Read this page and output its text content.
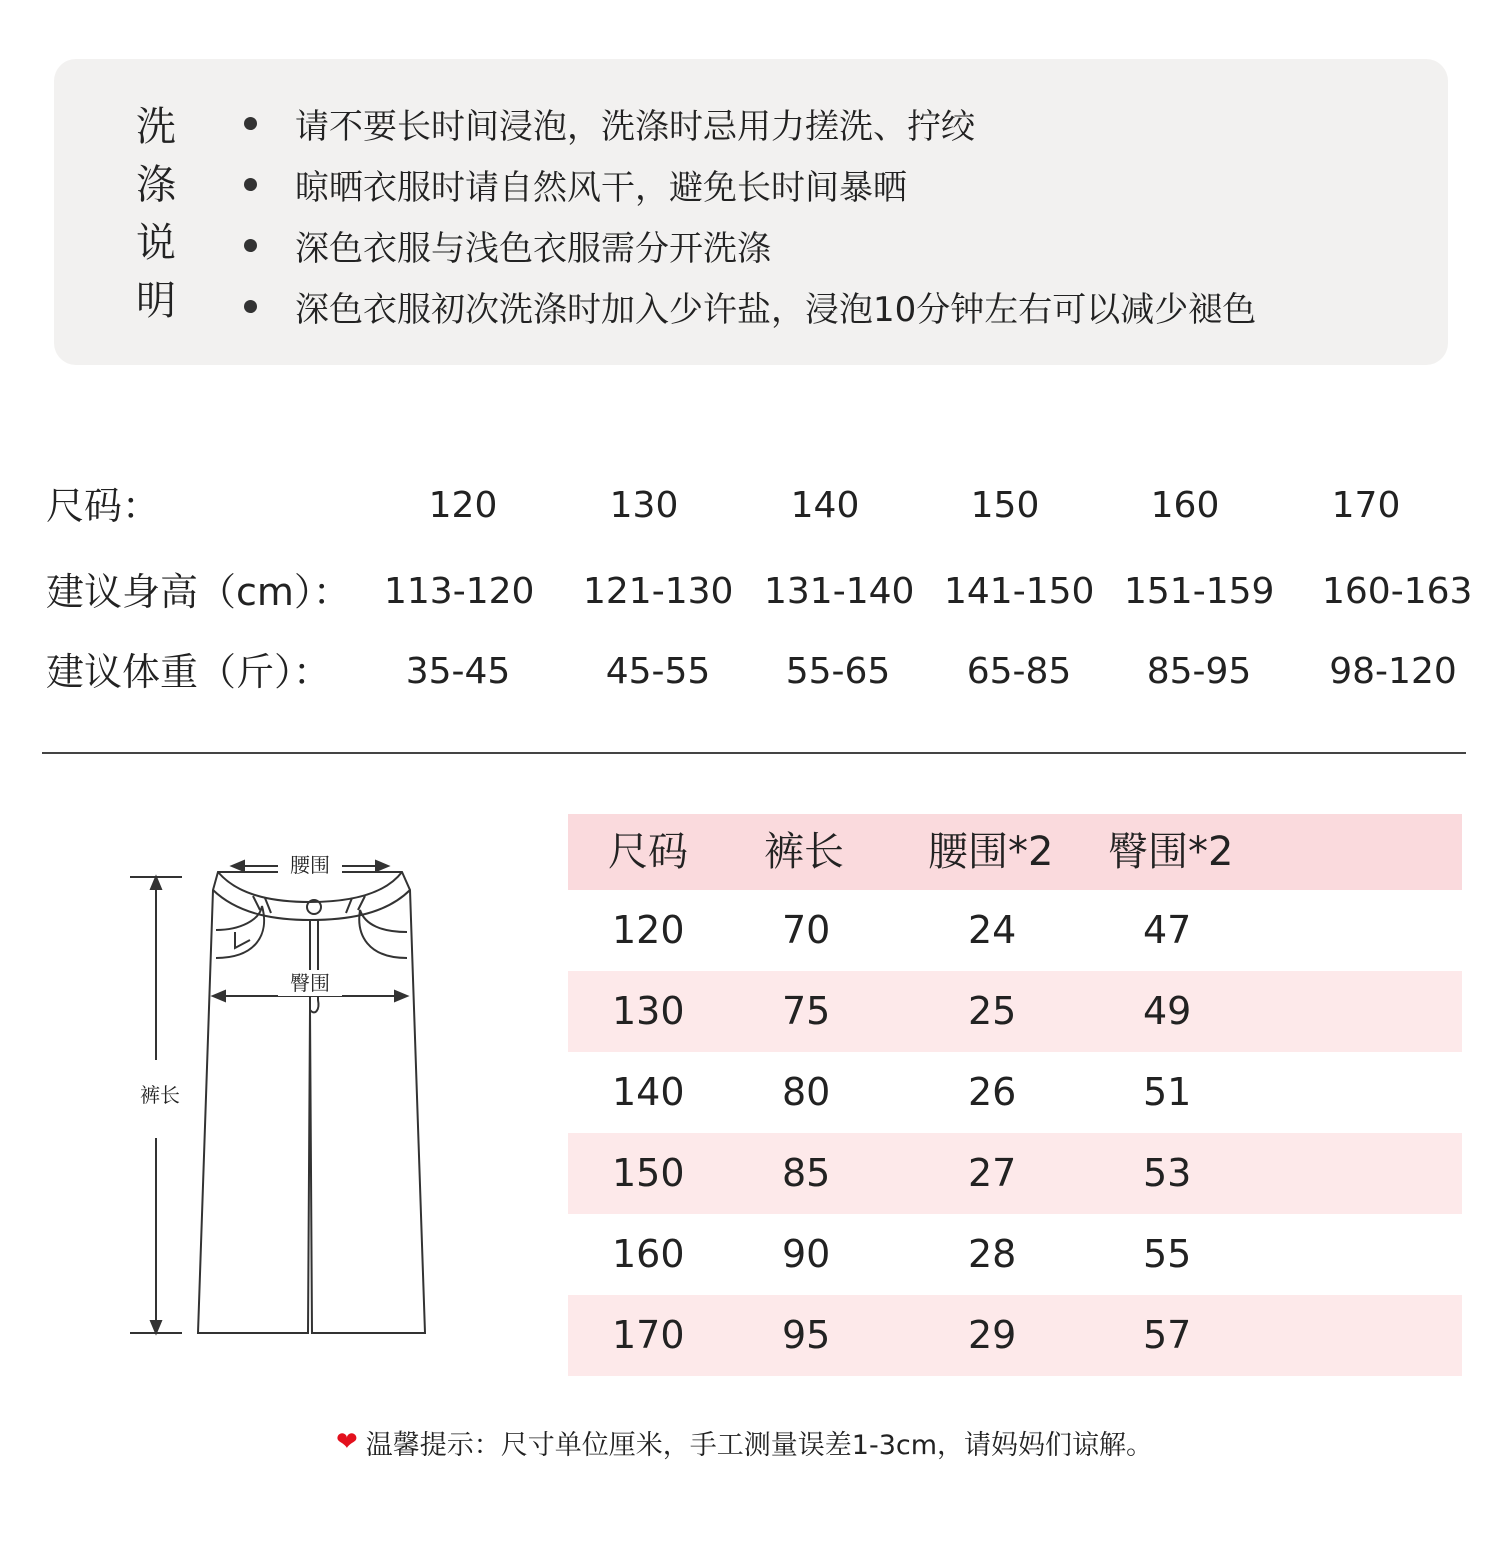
洗
涤
说
明
请不要长时间浸泡，洗涤时忌用力搓洗、拧绞
晾晒衣服时请自然风干，避免长时间暴晒
深色衣服与浅色衣服需分开洗涤
深色衣服初次洗涤时加入少许盐，浸泡10分钟左右可以减少褪色
尺码：	120	130	140	150	160	170
建议身高（cm）： 113-120 121-130 131-140 141-150 151-159 160-163
建议体重（斤）： 35-45	45-55 55-65 65-85 85-95 98-120
腰围
臀围
裤长
尺码 裤长 腰围*2 臀围*2
120	70	24	47
130	75	25	49
140	80	26	51
150	85	27	53
160	90	28	55
170	95	29	57
❤ 温馨提示：尺寸单位厘米，手工测量误差1-3cm，请妈妈们谅解。
